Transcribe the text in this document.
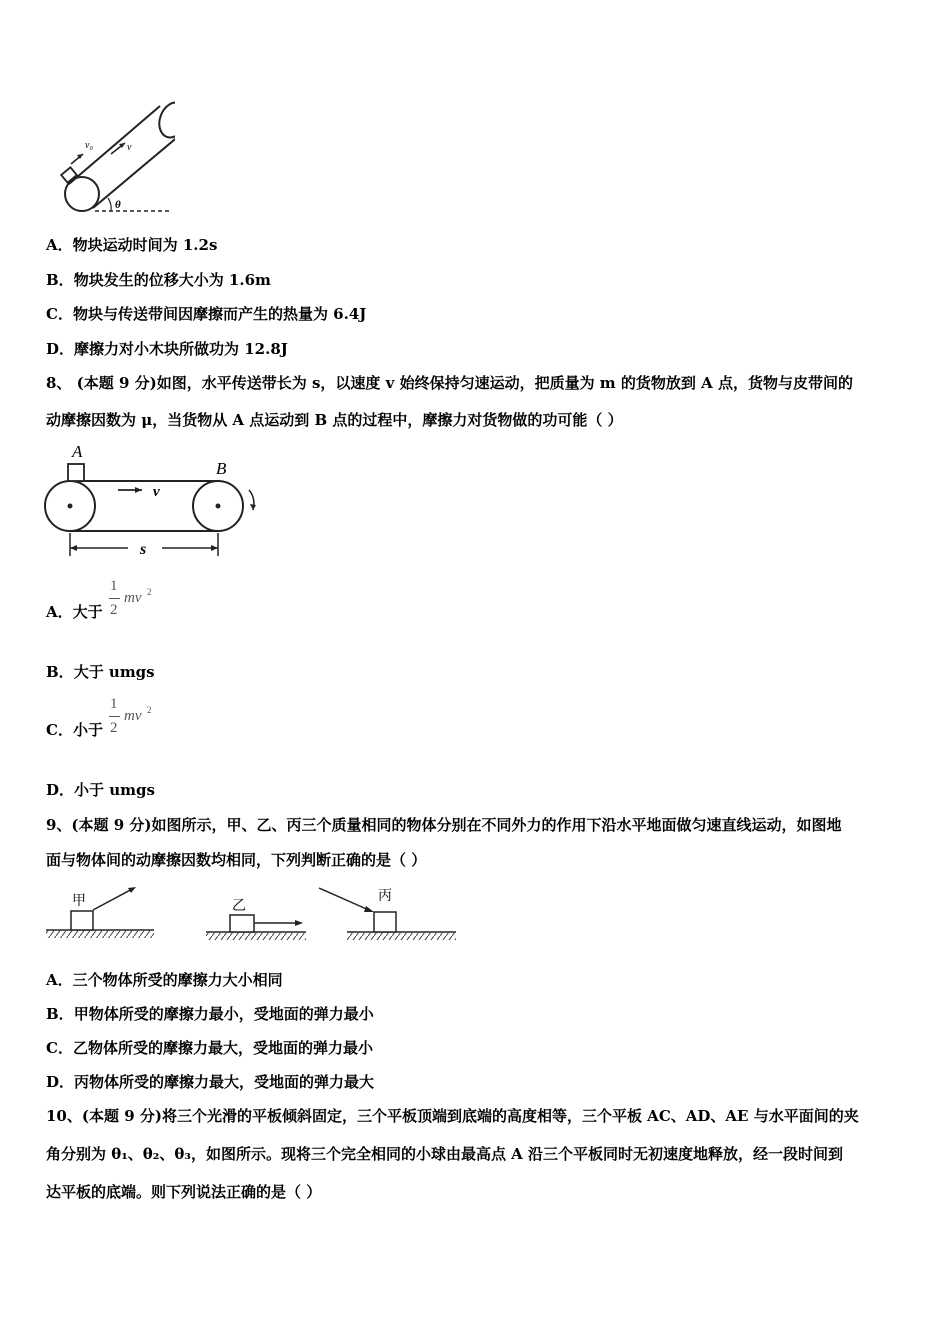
v₀	v
θ
A．物块运动时间为 1.2s
B．物块发生的位移大小为 1.6m
C．物块与传送带间因摩擦而产生的热量为 6.4J
D．摩擦力对小木块所做功为 12.8J
8、 (本题 9 分)如图，水平传送带长为 s，以速度 v 始终保持匀速运动，把质量为 m 的货物放到 A 点，货物与皮带间的
动摩擦因数为 μ，当货物从 A 点运动到 B 点的过程中，摩擦力对货物做的功可能（ ）
A
B
v
s
A．大于
1
2
mv 2
B．大于 umgs
C．小于
1
2
mv 2
D．小于 umgs
9、(本题 9 分)如图所示，甲、乙、丙三个质量相同的物体分别在不同外力的作用下沿水平地面做匀速直线运动，如图地
面与物体间的动摩擦因数均相同，下列判断正确的是（ ）
甲	乙
丙
A．三个物体所受的摩擦力大小相同
B．甲物体所受的摩擦力最小，受地面的弹力最小
C．乙物体所受的摩擦力最大，受地面的弹力最小
D．丙物体所受的摩擦力最大，受地面的弹力最大
10、(本题 9 分)将三个光滑的平板倾斜固定，三个平板顶端到底端的高度相等，三个平板 AC、AD、AE 与水平面间的夹
角分别为 θ₁、θ₂、θ₃，如图所示。现将三个完全相同的小球由最高点 A 沿三个平板同时无初速度地释放，经一段时间到
达平板的底端。则下列说法正确的是（ ）
